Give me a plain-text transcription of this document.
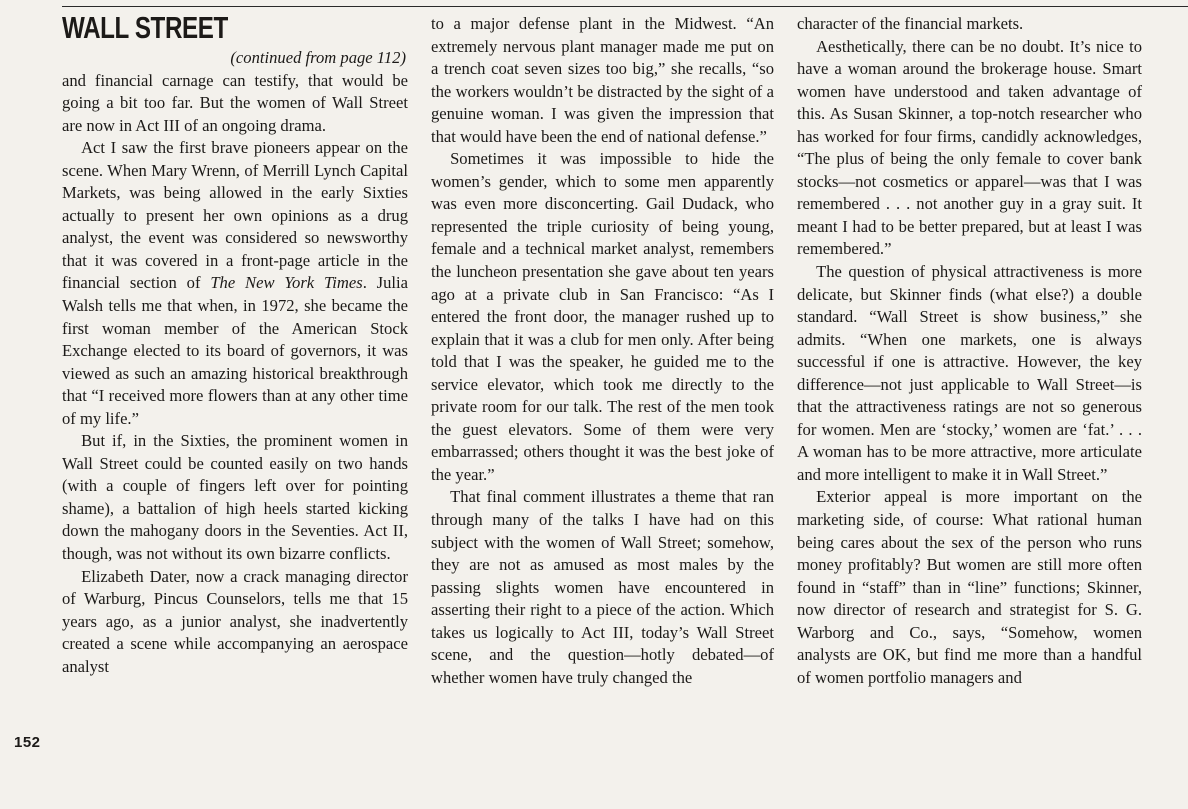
152
WALL STREET

(continued from page 112)

and financial carnage can testify, that would be going a bit too far. But the women of Wall Street are now in Act III of an ongoing drama.

Act I saw the first brave pioneers appear on the scene. When Mary Wrenn, of Merrill Lynch Capital Markets, was being allowed in the early Sixties actually to present her own opinions as a drug analyst, the event was considered so newsworthy that it was covered in a front-page article in the financial section of The New York Times. Julia Walsh tells me that when, in 1972, she became the first woman member of the American Stock Exchange elected to its board of governors, it was viewed as such an amazing historical breakthrough that “I received more flowers than at any other time of my life.”

But if, in the Sixties, the prominent women in Wall Street could be counted easily on two hands (with a couple of fingers left over for pointing shame), a battalion of high heels started kicking down the mahogany doors in the Seventies. Act II, though, was not without its own bizarre conflicts.

Elizabeth Dater, now a crack managing director of Warburg, Pincus Counselors, tells me that 15 years ago, as a junior analyst, she inadvertently created a scene while accompanying an aerospace analyst

to a major defense plant in the Midwest. “An extremely nervous plant manager made me put on a trench coat seven sizes too big,” she recalls, “so the workers wouldn’t be distracted by the sight of a genuine woman. I was given the impression that that would have been the end of national defense.”

Sometimes it was impossible to hide the women’s gender, which to some men apparently was even more disconcerting. Gail Dudack, who represented the triple curiosity of being young, female and a technical market analyst, remembers the luncheon presentation she gave about ten years ago at a private club in San Francisco: “As I entered the front door, the manager rushed up to explain that it was a club for men only. After being told that I was the speaker, he guided me to the service elevator, which took me directly to the private room for our talk. The rest of the men took the guest elevators. Some of them were very embarrassed; others thought it was the best joke of the year.”

That final comment illustrates a theme that ran through many of the talks I have had on this subject with the women of Wall Street; somehow, they are not as amused as most males by the passing slights women have encountered in asserting their right to a piece of the action. Which takes us logically to Act III, today’s Wall Street scene, and the question—hotly debated—of whether women have truly changed the

character of the financial markets.

Aesthetically, there can be no doubt. It’s nice to have a woman around the brokerage house. Smart women have understood and taken advantage of this. As Susan Skinner, a top-notch researcher who has worked for four firms, candidly acknowledges, “The plus of being the only female to cover bank stocks—not cosmetics or apparel—was that I was remembered . . . not another guy in a gray suit. It meant I had to be better prepared, but at least I was remembered.”

The question of physical attractiveness is more delicate, but Skinner finds (what else?) a double standard. “Wall Street is show business,” she admits. “When one markets, one is always successful if one is attractive. However, the key difference—not just applicable to Wall Street—is that the attractiveness ratings are not so generous for women. Men are ‘stocky,’ women are ‘fat.’ . . . A woman has to be more attractive, more articulate and more intelligent to make it in Wall Street.”

Exterior appeal is more important on the marketing side, of course: What rational human being cares about the sex of the person who runs money profitably? But women are still more often found in “staff” than in “line” functions; Skinner, now director of research and strategist for S. G. Warborg and Co., says, “Somehow, women analysts are OK, but find me more than a handful of women portfolio managers and
